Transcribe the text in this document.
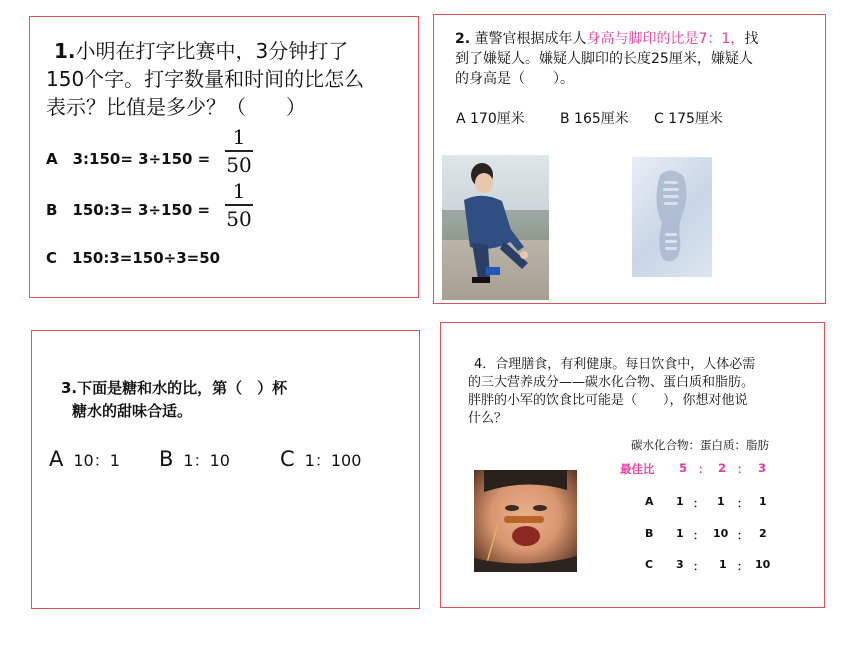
1.小明在打字比赛中，3分钟打了
150个字。打字数量和时间的比怎么
表示？比值是多少？（　　）
A　3:150= 3÷150 =
1
50
B　150:3= 3÷150 =
1
50
C　150:3=150÷3=50
2. 董警官根据成年人身高与脚印的比是7：1，找
到了嫌疑人。嫌疑人脚印的长度25厘米，嫌疑人
的身高是（　　）。
A 170厘米	B 165厘米 C 175厘米
3.下面是糖和水的比，第（　）杯
糖水的甜味合适。
A 10：1 B 1：10 C 1：100
4．合理膳食，有利健康。每日饮食中，人体必需
的三大营养成分——碳水化合物、蛋白质和脂肪。
胖胖的小军的饮食比可能是（　　），你想对他说
什么？
碳水化合物：蛋白质：脂肪
最佳比 5 ： 2 ： 3
A 1 ： 1 ： 1
B 1 ： 10 ： 2
C 3 ： 1 ： 10
